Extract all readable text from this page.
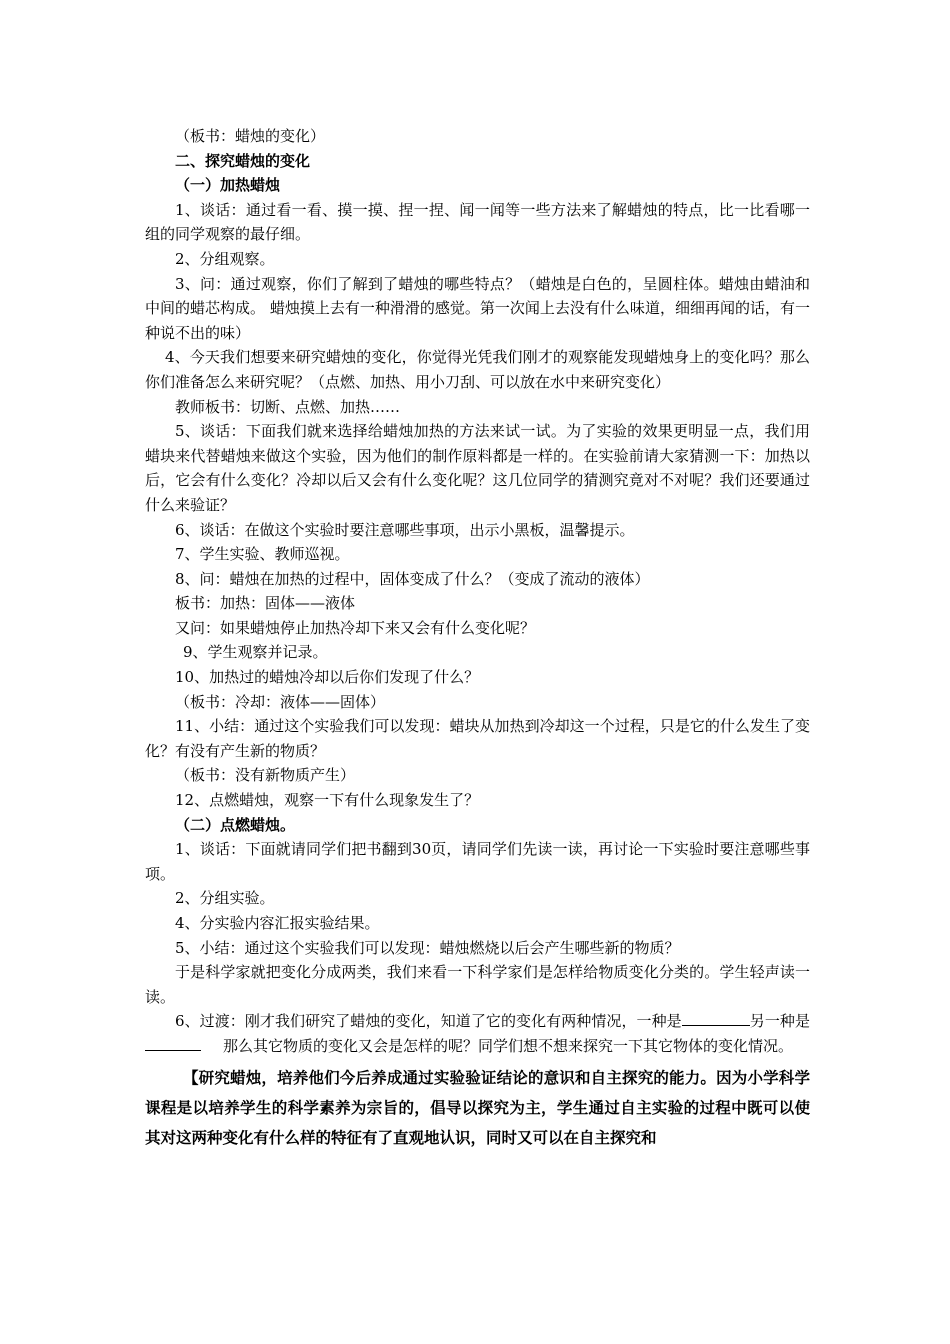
（板书：蜡烛的变化）

二、探究蜡烛的变化

（一）加热蜡烛

1、谈话：通过看一看、摸一摸、捏一捏、闻一闻等一些方法来了解蜡烛的特点，比一比看哪一组的同学观察的最仔细。

2、分组观察。

3、问：通过观察，你们了解到了蜡烛的哪些特点？（蜡烛是白色的，呈圆柱体。蜡烛由蜡油和中间的蜡芯构成。 蜡烛摸上去有一种滑滑的感觉。第一次闻上去没有什么味道，细细再闻的话，有一种说不出的味）

4、今天我们想要来研究蜡烛的变化，你觉得光凭我们刚才的观察能发现蜡烛身上的变化吗？那么你们准备怎么来研究呢？（点燃、加热、用小刀刮、可以放在水中来研究变化）

教师板书：切断、点燃、加热……

5、谈话：下面我们就来选择给蜡烛加热的方法来试一试。为了实验的效果更明显一点，我们用蜡块来代替蜡烛来做这个实验，因为他们的制作原料都是一样的。在实验前请大家猜测一下：加热以后，它会有什么变化？冷却以后又会有什么变化呢？这几位同学的猜测究竟对不对呢？我们还要通过什么来验证？

6、谈话：在做这个实验时要注意哪些事项，出示小黑板，温馨提示。

7、学生实验、教师巡视。

8、问：蜡烛在加热的过程中，固体变成了什么？（变成了流动的液体）

板书：加热：固体——液体

又问：如果蜡烛停止加热冷却下来又会有什么变化呢？

9、学生观察并记录。

10、加热过的蜡烛冷却以后你们发现了什么？

（板书：冷却：液体——固体）

11、小结：通过这个实验我们可以发现：蜡块从加热到冷却这一个过程，只是它的什么发生了变化？有没有产生新的物质？

（板书：没有新物质产生）

12、点燃蜡烛，观察一下有什么现象发生了？

（二）点燃蜡烛。

1、谈话：下面就请同学们把书翻到30页，请同学们先读一读，再讨论一下实验时要注意哪些事项。

2、分组实验。

4、分实验内容汇报实验结果。

5、小结：通过这个实验我们可以发现：蜡烛燃烧以后会产生哪些新的物质？

于是科学家就把变化分成两类，我们来看一下科学家们是怎样给物质变化分类的。学生轻声读一读。

6、过渡：刚才我们研究了蜡烛的变化，知道了它的变化有两种情况，一种是	另一种是那么其它物质的变化又会是怎样的呢？同学们想不想来探究一下其它物体的变化情况。

【研究蜡烛，培养他们今后养成通过实验验证结论的意识和自主探究的能力。因为小学科学课程是以培养学生的科学素养为宗旨的，倡导以探究为主，学生通过自主实验的过程中既可以使其对这两种变化有什么样的特征有了直观地认识，同时又可以在自主探究和
